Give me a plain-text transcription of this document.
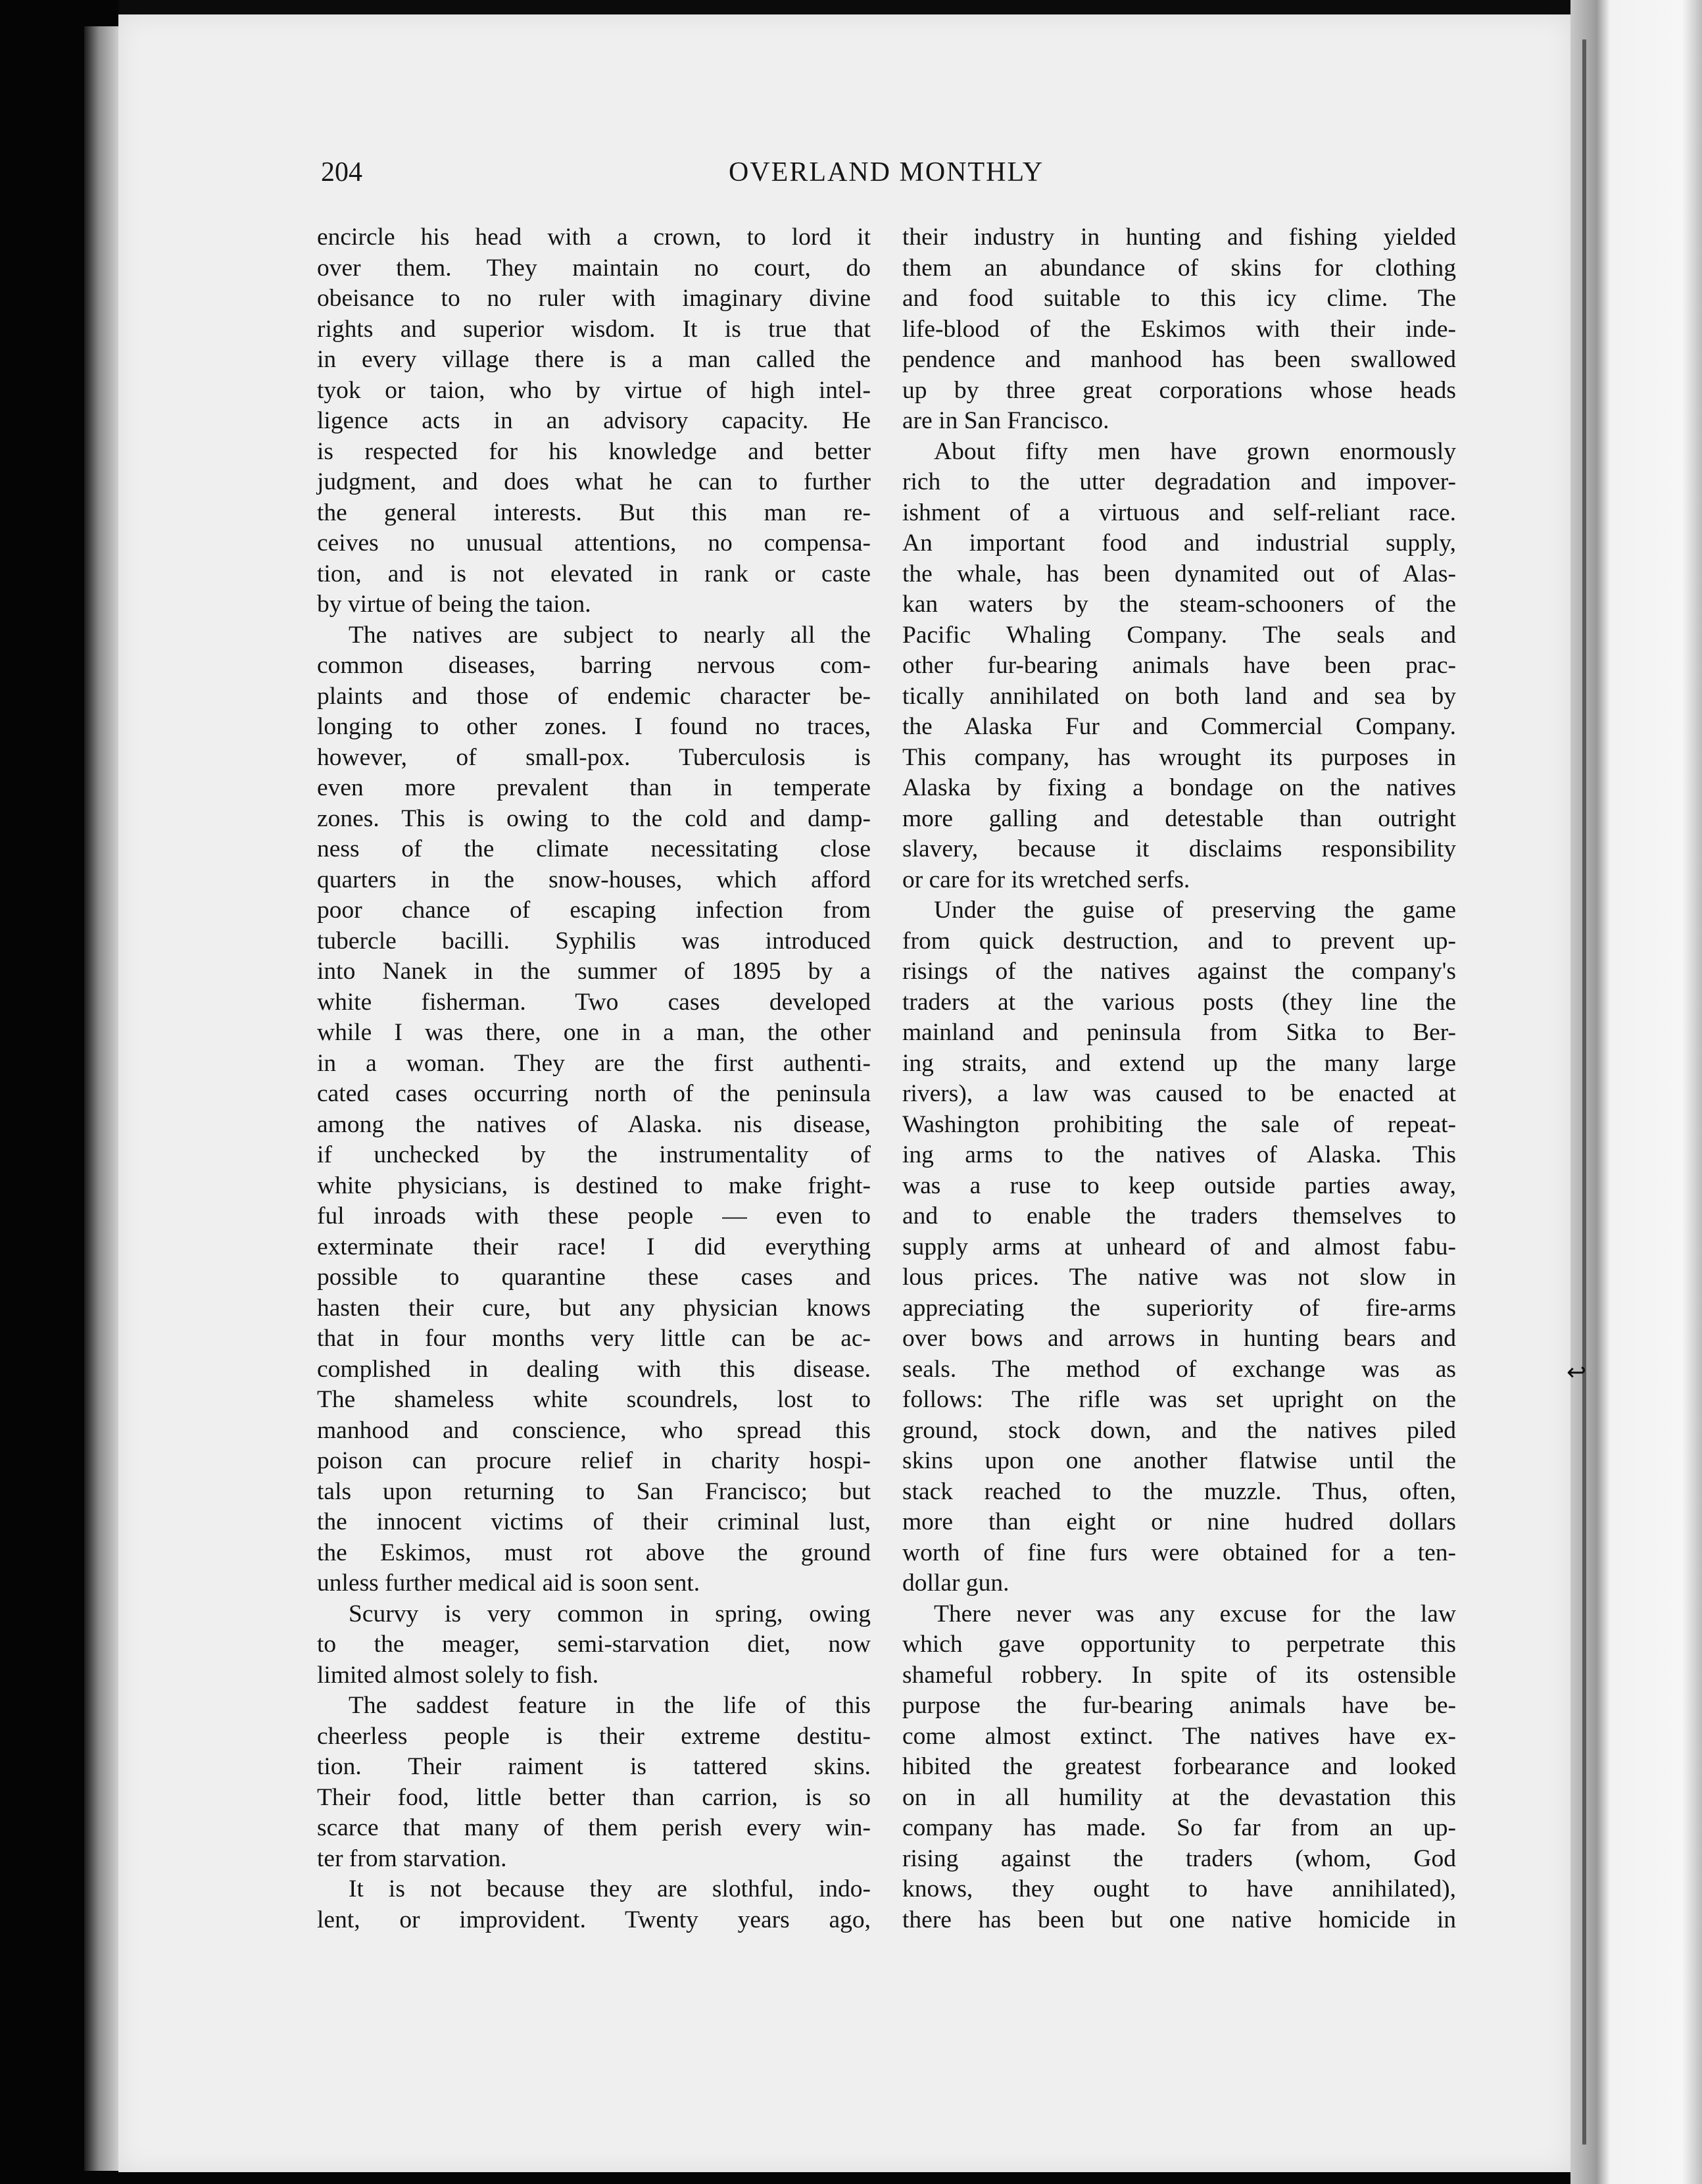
204	OVERLAND MONTHLY
encircle his head with a crown, to lord it
over them. They maintain no court, do
obeisance to no ruler with imaginary divine
rights and superior wisdom. It is true that
in every village there is a man called the
tyok or taion, who by virtue of high intel-
ligence acts in an advisory capacity. He
is respected for his knowledge and better
judgment, and does what he can to further
the general interests. But this man re-
ceives no unusual attentions, no compensa-
tion, and is not elevated in rank or caste
by virtue of being the taion.
The natives are subject to nearly all the
common diseases, barring nervous com-
plaints and those of endemic character be-
longing to other zones. I found no traces,
however, of small-pox. Tuberculosis is
even more prevalent than in temperate
zones. This is owing to the cold and damp-
ness of the climate necessitating close
quarters in the snow-houses, which afford
poor chance of escaping infection from
tubercle bacilli. Syphilis was introduced
into Nanek in the summer of 1895 by a
white fisherman. Two cases developed
while I was there, one in a man, the other
in a woman. They are the first authenti-
cated cases occurring north of the peninsula
among the natives of Alaska. nis disease,
if unchecked by the instrumentality of
white physicians, is destined to make fright-
ful inroads with these people — even to
exterminate their race! I did everything
possible to quarantine these cases and
hasten their cure, but any physician knows
that in four months very little can be ac-
complished in dealing with this disease.
The shameless white scoundrels, lost to
manhood and conscience, who spread this
poison can procure relief in charity hospi-
tals upon returning to San Francisco; but
the innocent victims of their criminal lust,
the Eskimos, must rot above the ground
unless further medical aid is soon sent.
Scurvy is very common in spring, owing
to the meager, semi-starvation diet, now
limited almost solely to fish.
The saddest feature in the life of this
cheerless people is their extreme destitu-
tion. Their raiment is tattered skins.
Their food, little better than carrion, is so
scarce that many of them perish every win-
ter from starvation.
It is not because they are slothful, indo-
lent, or improvident. Twenty years ago,
their industry in hunting and fishing yielded
them an abundance of skins for clothing
and food suitable to this icy clime. The
life-blood of the Eskimos with their inde-
pendence and manhood has been swallowed
up by three great corporations whose heads
are in San Francisco.
About fifty men have grown enormously
rich to the utter degradation and impover-
ishment of a virtuous and self-reliant race.
An important food and industrial supply,
the whale, has been dynamited out of Alas-
kan waters by the steam-schooners of the
Pacific Whaling Company. The seals and
other fur-bearing animals have been prac-
tically annihilated on both land and sea by
the Alaska Fur and Commercial Company.
This company, has wrought its purposes in
Alaska by fixing a bondage on the natives
more galling and detestable than outright
slavery, because it disclaims responsibility
or care for its wretched serfs.
Under the guise of preserving the game
from quick destruction, and to prevent up-
risings of the natives against the company's
traders at the various posts (they line the
mainland and peninsula from Sitka to Ber-
ing straits, and extend up the many large
rivers), a law was caused to be enacted at
Washington prohibiting the sale of repeat-
ing arms to the natives of Alaska. This
was a ruse to keep outside parties away,
and to enable the traders themselves to
supply arms at unheard of and almost fabu-
lous prices. The native was not slow in
appreciating the superiority of fire-arms
over bows and arrows in hunting bears and
seals. The method of exchange was as
follows: The rifle was set upright on the
ground, stock down, and the natives piled
skins upon one another flatwise until the
stack reached to the muzzle. Thus, often,
more than eight or nine hudred dollars
worth of fine furs were obtained for a ten-
dollar gun.
There never was any excuse for the law
which gave opportunity to perpetrate this
shameful robbery. In spite of its ostensible
purpose the fur-bearing animals have be-
come almost extinct. The natives have ex-
hibited the greatest forbearance and looked
on in all humility at the devastation this
company has made. So far from an up-
rising against the traders (whom, God
knows, they ought to have annihilated),
there has been but one native homicide in
↩
